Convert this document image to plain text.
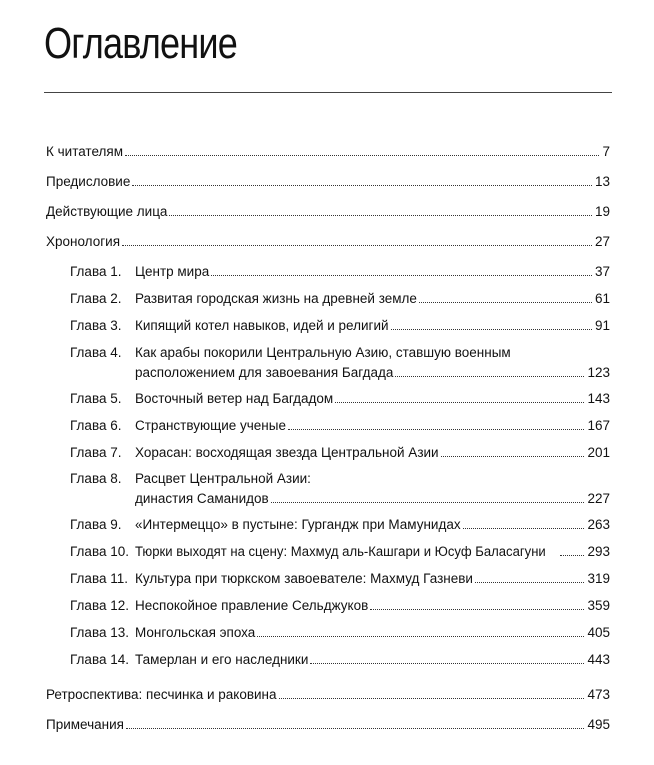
Оглавление
К читателям	7
Предисловие	13
Действующие лица	19
Хронология	27
Глава 1. Центр мира	37
Глава 2. Развитая городская жизнь на древней земле	61
Глава 3. Кипящий котел навыков, идей и религий	91
Глава 4. Как арабы покорили Центральную Азию, ставшую военным
расположением для завоевания Багдада	123
Глава 5. Восточный ветер над Багдадом	143
Глава 6. Странствующие ученые	167
Глава 7. Хорасан: восходящая звезда Центральной Азии	201
Глава 8. Расцвет Центральной Азии:
династия Саманидов	227
Глава 9. «Интермеццо» в пустыне: Гургандж при Мамунидах	263
Глава 10. Тюрки выходят на сцену: Махмуд аль-Кашгари и Юсуф Баласагуни	293
Глава 11. Культура при тюркском завоевателе: Махмуд Газневи	319
Глава 12. Неспокойное правление Сельджуков	359
Глава 13. Монгольская эпоха	405
Глава 14. Тамерлан и его наследники	443
Ретроспектива: песчинка и раковина	473
Примечания	495
